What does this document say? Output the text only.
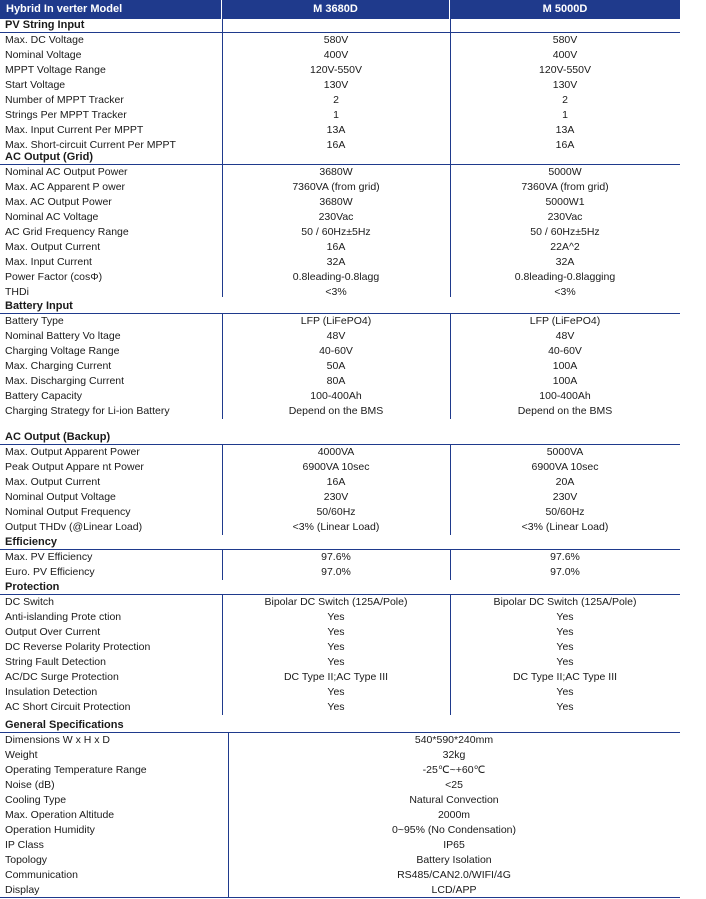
Hybrid In verter Model	M 3680D	M 5000D
PV String Input
Max. DC Voltage	580V	580V
Nominal Voltage	400V	400V
MPPT Voltage Range	120V-550V	120V-550V
Start Voltage	130V	130V
Number of MPPT Tracker	2	2
Strings Per MPPT Tracker	1	1
Max. Input Current Per MPPT	13A	13A
Max. Short-circuit Current Per MPPT	16A	16A
AC Output (Grid)
Nominal AC Output Power	3680W	5000W
Max. AC Apparent P ower	7360VA (from grid)	7360VA (from grid)
Max. AC Output Power	3680W	5000W1
Nominal AC Voltage	230Vac	230Vac
AC Grid Frequency Range	50 / 60Hz±5Hz	50 / 60Hz±5Hz
Max. Output Current	16A	22A^2
Max. Input Current	32A	32A
Power Factor (cosΦ)	0.8leading-0.8lagg	0.8leading-0.8lagging
THDi	<3%	<3%
Battery Input
Battery Type	LFP (LiFePO4)	LFP (LiFePO4)
Nominal Battery Vo ltage	48V	48V
Charging Voltage Range	40-60V	40-60V
Max. Charging Current	50A	100A
Max. Discharging Current	80A	100A
Battery Capacity	100-400Ah	100-400Ah
Charging Strategy for Li-ion Battery	Depend on the BMS	Depend on the BMS
AC Output (Backup)
Max. Output Apparent Power	4000VA	5000VA
Peak Output Appare nt Power	6900VA 10sec	6900VA 10sec
Max. Output Current	16A	20A
Nominal Output Voltage	230V	230V
Nominal Output Frequency	50/60Hz	50/60Hz
Output THDv (@Linear Load)	<3% (Linear Load)	<3% (Linear Load)
Efficiency
Max. PV Efficiency	97.6%	97.6%
Euro. PV Efficiency	97.0%	97.0%
Protection
DC Switch	Bipolar DC Switch (125A/Pole)	Bipolar DC Switch (125A/Pole)
Anti-islanding Prote ction	Yes	Yes
Output Over Current	Yes	Yes
DC Reverse Polarity Protection	Yes	Yes
String Fault Detection	Yes	Yes
AC/DC Surge Protection	DC Type II;AC Type III	DC Type II;AC Type III
Insulation Detection	Yes	Yes
AC Short Circuit Protection	Yes	Yes
General Specifications
Dimensions W x H x D	540*590*240mm
Weight	32kg
Operating Temperature Range	-25℃~+60℃
Noise (dB)	<25
Cooling Type	Natural Convection
Max. Operation Altitude	2000m
Operation Humidity	0~95% (No Condensation)
IP Class	IP65
Topology	Battery Isolation
Communication	RS485/CAN2.0/WIFI/4G
Display	LCD/APP
